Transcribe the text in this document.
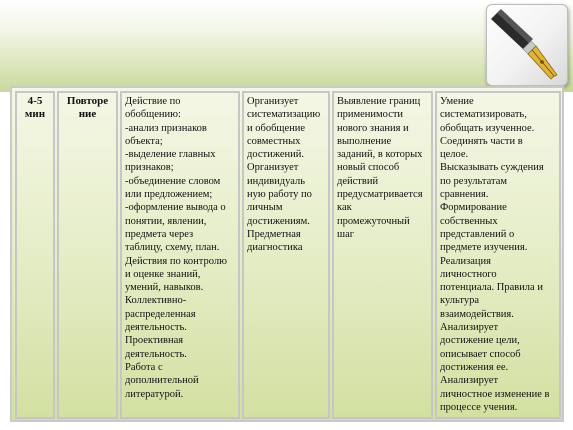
4-5
мин
Повторе
ние
Действие по
обобщению:
-анализ признаков
объекта;
-выделение главных
признаков;
-объединение словом
или предложением;
-оформление вывода о
понятии, явлении,
предмета через
таблицу, схему, план.
Действия по контролю
и оценке знаний,
умений, навыков.
Коллективно-
распределенная
деятельность.
Проективная
деятельность.
Работа с
дополнительной
литературой.
Организует
систематизацию
и обобщение
совместных
достижений.
Организует
индивидуаль
ную работу по
личным
достижениям.
Предметная
диагностика
Выявление границ
применимости
нового знания и
выполнение
заданий, в которых
новый способ
действий
предусматривается
как
промежуточный
шаг
Умение
систематизировать,
обобщать изученное.
Соединять части в
целое.
Высказывать суждения
по результатам
сравнения.
Формирование
собственных
представлений о
предмете изучения.
Реализация
личностного
потенциала. Правила и
культура
взаимодействия.
Анализирует
достижение цели,
описывает способ
достижения ее.
Анализирует
личностное изменение в
процессе учения.
